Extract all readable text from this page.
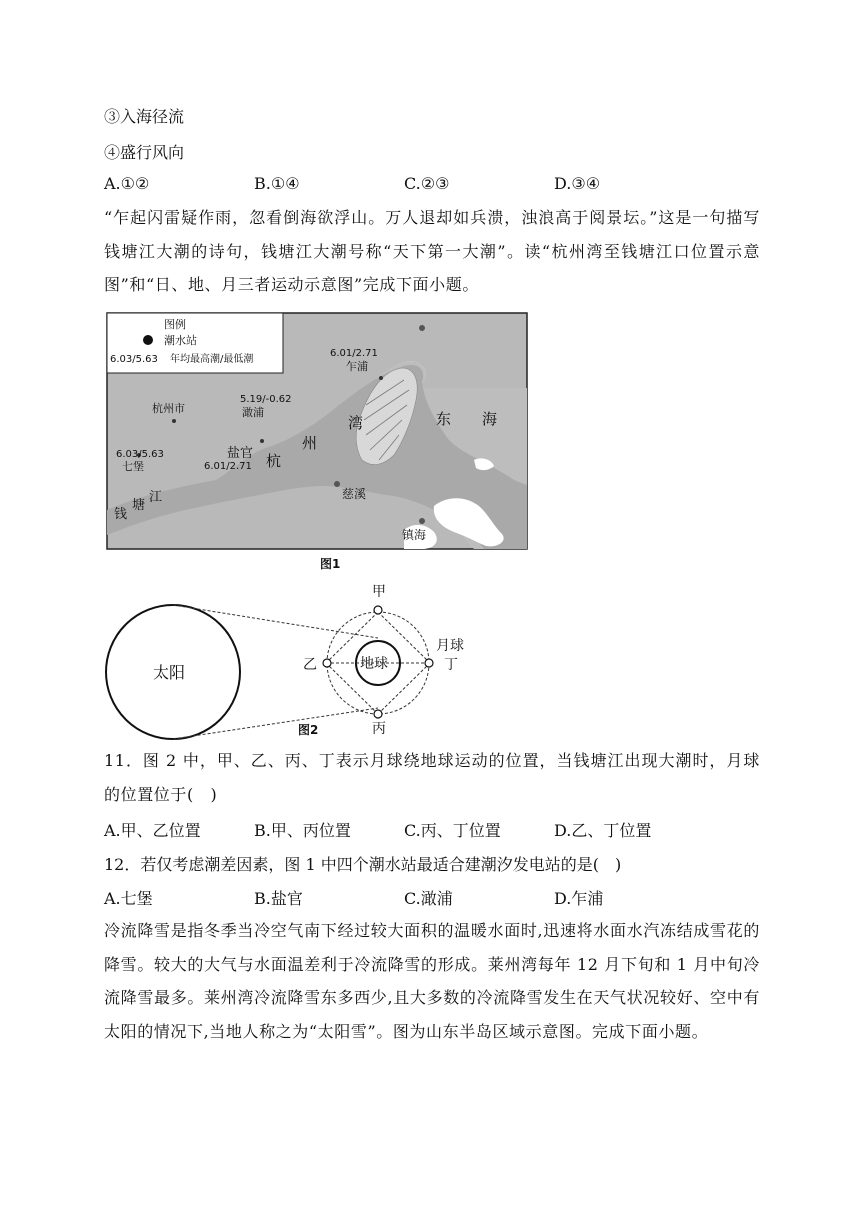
③入海径流
④盛行风向
A.①②	B.①④	C.②③	D.③④
“乍起闪雷疑作雨，忽看倒海欲浮山。万人退却如兵溃，浊浪高于阅景坛。”这是一句描写钱塘江大潮的诗句，钱塘江大潮号称“天下第一大潮”。读“杭州湾至钱塘江口位置示意图”和“日、地、月三者运动示意图”完成下面小题。
图例
潮水站
6.03/5.63 年均最高潮/最低潮
6.01/2.71
乍浦
杭州市
5.19/-0.62
澉浦
6.03/5.63
七堡
盐官
6.01/2.71 杭
州
湾	东 海
慈溪
镇海
江
塘
钱
图1
太阳	地球
甲
乙
丙
丁
月球
图2
11．图 2 中，甲、乙、丙、丁表示月球绕地球运动的位置，当钱塘江出现大潮时，月球的位置位于(　)
A.甲、乙位置	B.甲、丙位置	C.丙、丁位置	D.乙、丁位置
12．若仅考虑潮差因素，图 1 中四个潮水站最适合建潮汐发电站的是(　)
A.七堡	B.盐官	C.澉浦	D.乍浦
冷流降雪是指冬季当冷空气南下经过较大面积的温暖水面时,迅速将水面水汽冻结成雪花的降雪。较大的大气与水面温差利于冷流降雪的形成。莱州湾每年 12 月下旬和 1 月中旬冷流降雪最多。莱州湾冷流降雪东多西少,且大多数的冷流降雪发生在天气状况较好、空中有太阳的情况下,当地人称之为“太阳雪”。图为山东半岛区域示意图。完成下面小题。
